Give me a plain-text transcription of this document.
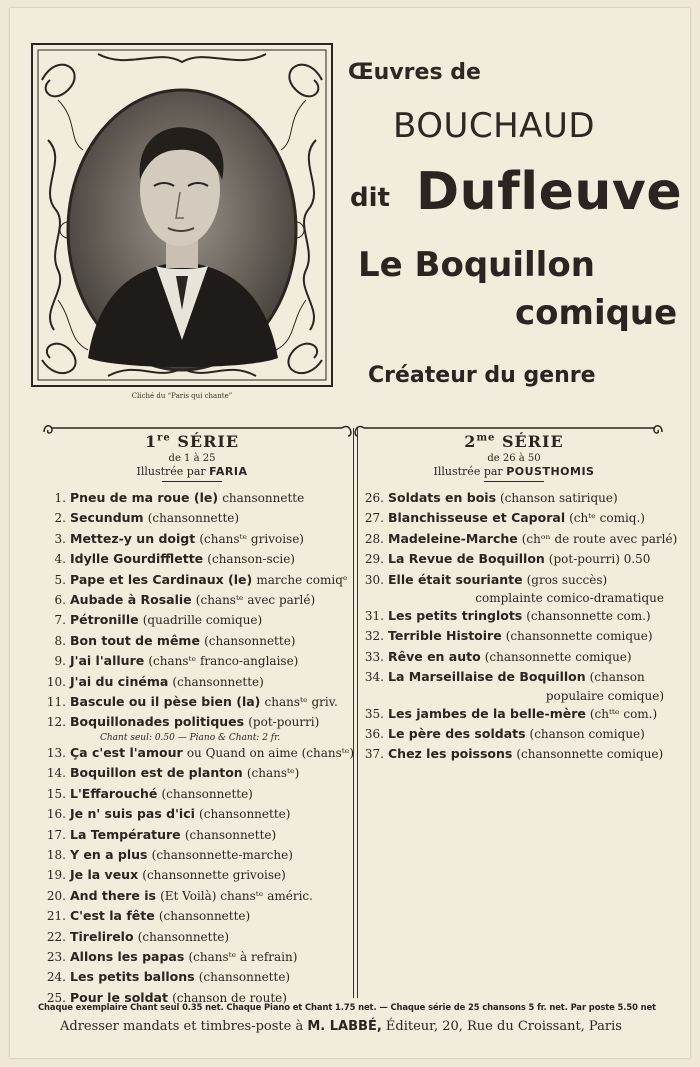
Cliché du “Paris qui chante”
Œuvres de
BOUCHAUD
dit Dufleuve
Le Boquillon
comique
Créateur du genre
1re SÉRIE
de 1 à 25
Illustrée par FARIA
1. Pneu de ma roue (le) chansonnette
2. Secundum (chansonnette)
3. Mettez-y un doigt (chansᵗᵉ grivoise)
4. Idylle Gourdifflette (chanson-scie)
5. Pape et les Cardinaux (le) marche comiqᵉ
6. Aubade à Rosalie (chansᵗᵉ avec parlé)
7. Pétronille (quadrille comique)
8. Bon tout de même (chansonnette)
9. J'ai l'allure (chansᵗᵉ franco-anglaise)
10. J'ai du cinéma (chansonnette)
11. Bascule ou il pèse bien (la) chansᵗᵉ griv.
12. Boquillonades politiques (pot-pourri)
Chant seul: 0.50 — Piano & Chant: 2 fr.
13. Ça c'est l'amour ou Quand on aime (chansᵗᵉ)
14. Boquillon est de planton (chansᵗᵉ)
15. L'Effarouché (chansonnette)
16. Je n' suis pas d'ici (chansonnette)
17. La Température (chansonnette)
18. Y en a plus (chansonnette-marche)
19. Je la veux (chansonnette grivoise)
20. And there is (Et Voilà) chansᵗᵉ améric.
21. C'est la fête (chansonnette)
22. Tirelirelo (chansonnette)
23. Allons les papas (chansᵗᵉ à refrain)
24. Les petits ballons (chansonnette)
25. Pour le soldat (chanson de route)
$2^{me}$ SÉRIE
de 26 à 50
Illustrée par POUSTHOMIS
26. Soldats en bois (chanson satirique)
27. Blanchisseuse et Caporal (chᵗᵉ comiq.)
28. Madeleine-Marche (chᵒⁿ de route avec parlé)
29. La Revue de Boquillon (pot-pourri) 0.50
30. Elle était souriante (gros succès)
complainte comico-dramatique
31. Les petits tringlots (chansonnette com.)
32. Terrible Histoire (chansonnette comique)
33. Rêve en auto (chansonnette comique)
34. La Marseillaise de Boquillon (chanson
populaire comique)
35. Les jambes de la belle-mère (chᵗᵗᵉ com.)
36. Le père des soldats (chanson comique)
37. Chez les poissons (chansonnette comique)
Chaque exemplaire Chant seul 0.35 net. Chaque Piano et Chant 1.75 net. — Chaque série de 25 chansons 5 fr. net. Par poste 5.50 net
Adresser mandats et timbres-poste à M. LABBÉ, Éditeur, 20, Rue du Croissant, Paris
